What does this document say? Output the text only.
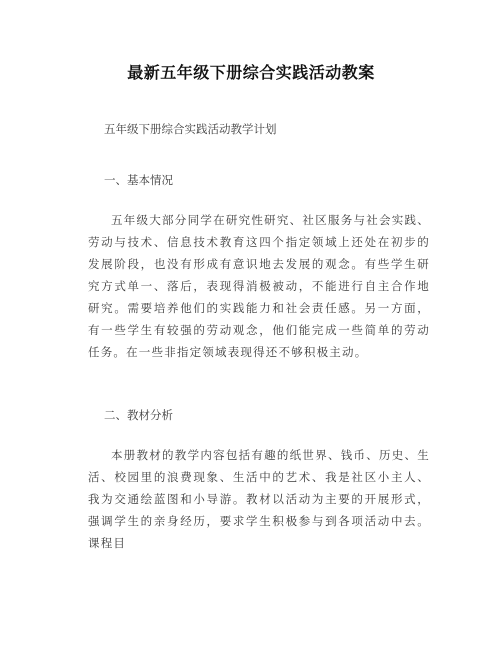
最新五年级下册综合实践活动教案

五年级下册综合实践活动教学计划

一、基本情况

五年级大部分同学在研究性研究、社区服务与社会实践、劳动与技术、信息技术教育这四个指定领域上还处在初步的发展阶段，也没有形成有意识地去发展的观念。有些学生研究方式单一、落后，表现得消极被动，不能进行自主合作地研究。需要培养他们的实践能力和社会责任感。另一方面，有一些学生有较强的劳动观念，他们能完成一些简单的劳动任务。在一些非指定领域表现得还不够积极主动。

二、教材分析

本册教材的教学内容包括有趣的纸世界、钱币、历史、生活、校园里的浪费现象、生活中的艺术、我是社区小主人、我为交通绘蓝图和小导游。教材以活动为主要的开展形式，强调学生的亲身经历，要求学生积极参与到各项活动中去。课程目
